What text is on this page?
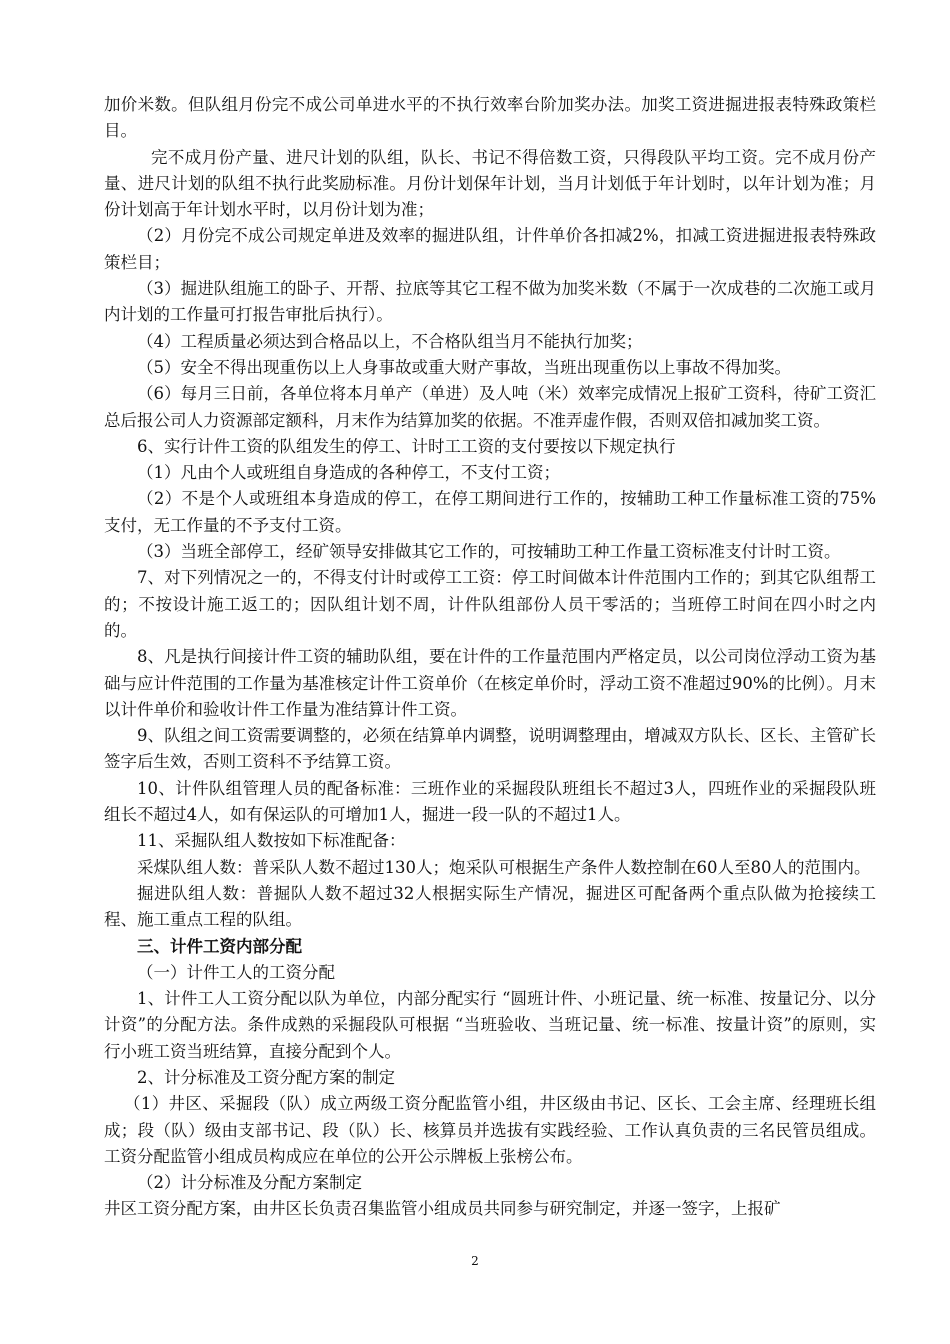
加价米数。但队组月份完不成公司单进水平的不执行效率台阶加奖办法。加奖工资进掘进报表特殊政策栏目。

完不成月份产量、进尺计划的队组，队长、书记不得倍数工资，只得段队平均工资。完不成月份产量、进尺计划的队组不执行此奖励标准。月份计划保年计划，当月计划低于年计划时，以年计划为准；月份计划高于年计划水平时，以月份计划为准；

（2）月份完不成公司规定单进及效率的掘进队组，计件单价各扣减2%，扣减工资进掘进报表特殊政策栏目；

（3）掘进队组施工的卧子、开帮、拉底等其它工程不做为加奖米数（不属于一次成巷的二次施工或月内计划的工作量可打报告审批后执行）。

（4）工程质量必须达到合格品以上，不合格队组当月不能执行加奖；

（5）安全不得出现重伤以上人身事故或重大财产事故，当班出现重伤以上事故不得加奖。

（6）每月三日前，各单位将本月单产（单进）及人吨（米）效率完成情况上报矿工资科，待矿工资汇总后报公司人力资源部定额科，月末作为结算加奖的依据。不准弄虚作假，否则双倍扣减加奖工资。

6、实行计件工资的队组发生的停工、计时工工资的支付要按以下规定执行

（1）凡由个人或班组自身造成的各种停工，不支付工资；

（2）不是个人或班组本身造成的停工，在停工期间进行工作的，按辅助工种工作量标准工资的75%支付，无工作量的不予支付工资。

（3）当班全部停工，经矿领导安排做其它工作的，可按辅助工种工作量工资标准支付计时工资。

7、对下列情况之一的，不得支付计时或停工工资：停工时间做本计件范围内工作的；到其它队组帮工的；不按设计施工返工的；因队组计划不周，计件队组部份人员干零活的；当班停工时间在四小时之内的。

8、凡是执行间接计件工资的辅助队组，要在计件的工作量范围内严格定员，以公司岗位浮动工资为基础与应计件范围的工作量为基准核定计件工资单价（在核定单价时，浮动工资不准超过90%的比例）。月末以计件单价和验收计件工作量为准结算计件工资。

9、队组之间工资需要调整的，必须在结算单内调整，说明调整理由，增减双方队长、区长、主管矿长签字后生效，否则工资科不予结算工资。

10、计件队组管理人员的配备标准：三班作业的采掘段队班组长不超过3人，四班作业的采掘段队班组长不超过4人，如有保运队的可增加1人，掘进一段一队的不超过1人。

11、采掘队组人数按如下标准配备：

采煤队组人数：普采队人数不超过130人；炮采队可根据生产条件人数控制在60人至80人的范围内。

掘进队组人数：普掘队人数不超过32人根据实际生产情况，掘进区可配备两个重点队做为抢接续工程、施工重点工程的队组。

三、计件工资内部分配

（一）计件工人的工资分配

1、计件工人工资分配以队为单位，内部分配实行 “圆班计件、小班记量、统一标准、按量记分、以分计资”的分配方法。条件成熟的采掘段队可根据 “当班验收、当班记量、统一标准、按量计资”的原则，实行小班工资当班结算，直接分配到个人。

2、计分标准及工资分配方案的制定

（1）井区、采掘段（队）成立两级工资分配监管小组，井区级由书记、区长、工会主席、经理班长组成；段（队）级由支部书记、段（队）长、核算员并选拔有实践经验、工作认真负责的三名民管员组成。工资分配监管小组成员构成应在单位的公开公示牌板上张榜公布。

（2）计分标准及分配方案制定

井区工资分配方案，由井区长负责召集监管小组成员共同参与研究制定，并逐一签字，上报矿

2
